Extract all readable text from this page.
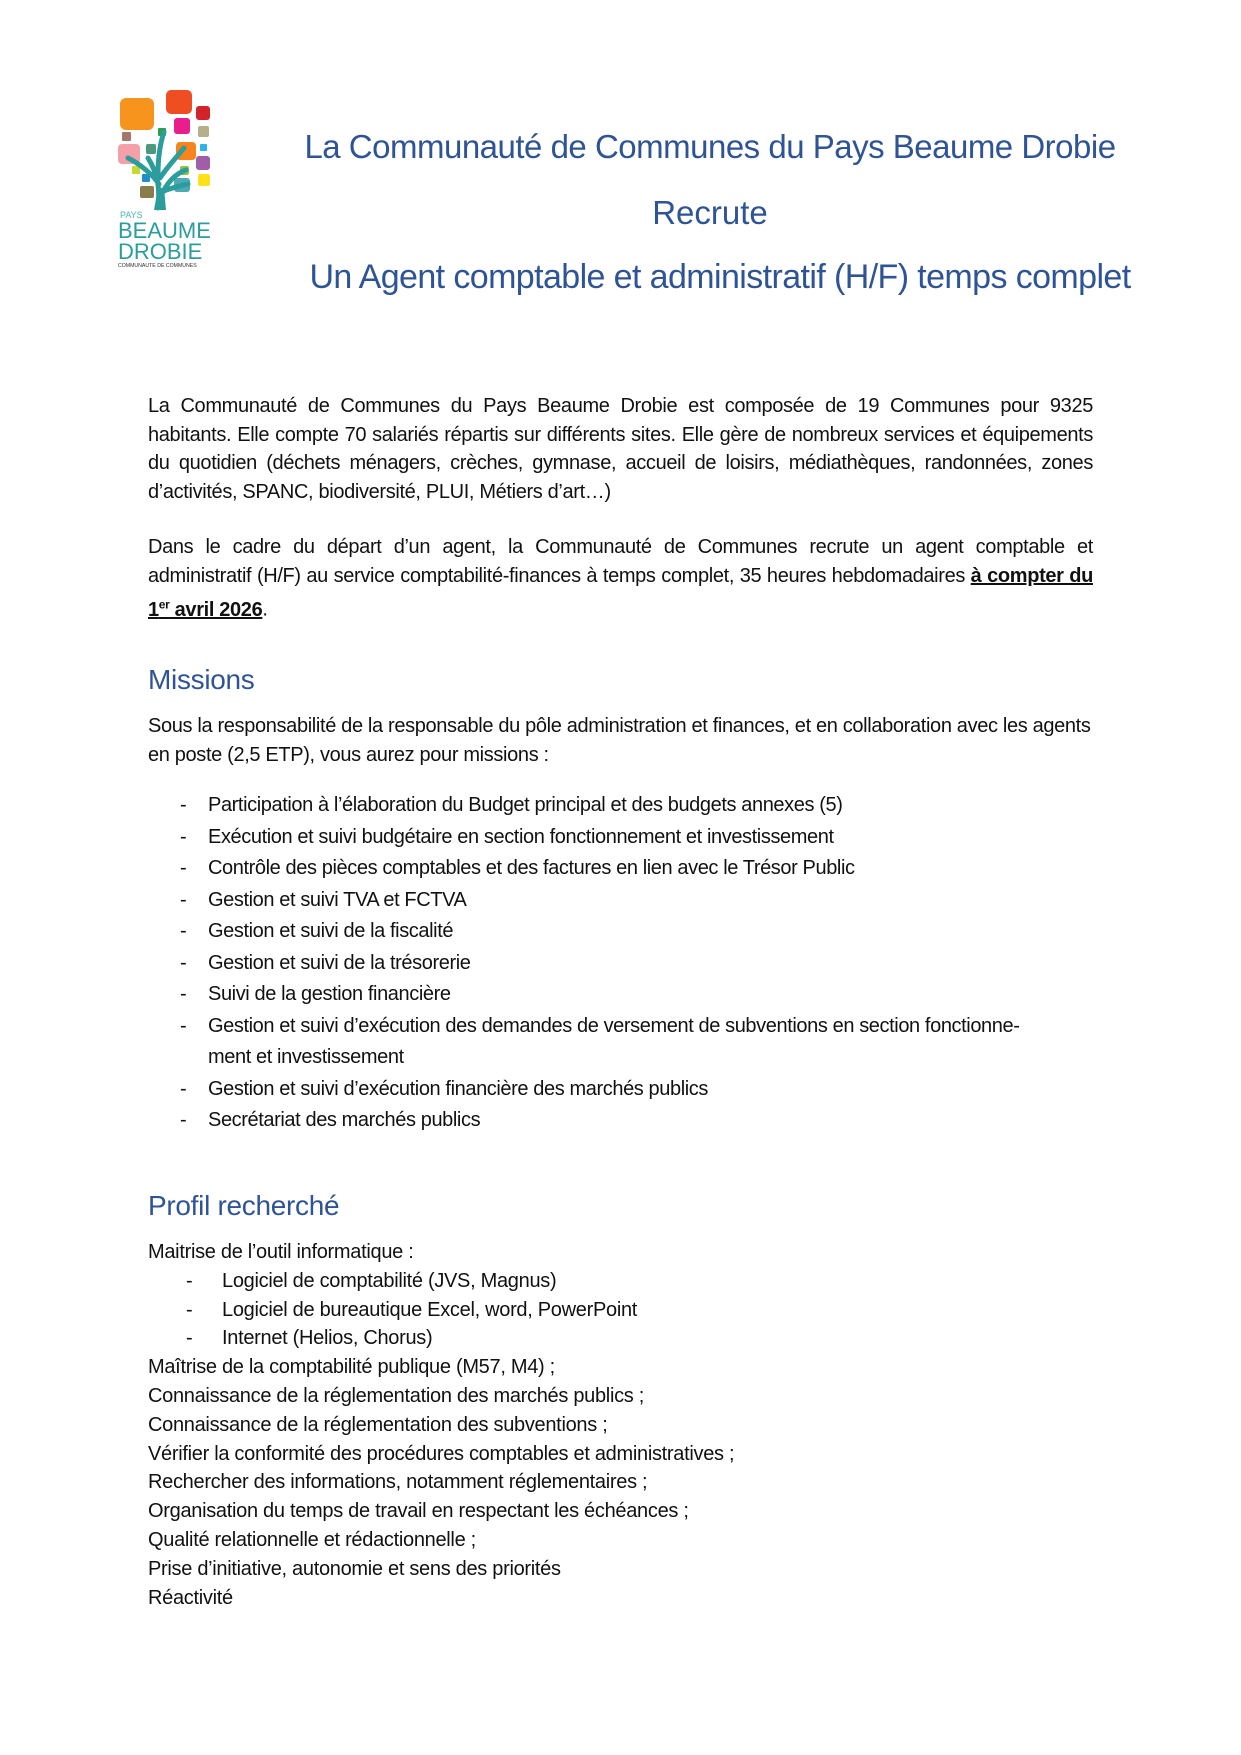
PAYS
BEAUME
DROBIE
COMMUNAUTE DE COMMUNES
La Communauté de Communes du Pays Beaume Drobie
Recrute
Un Agent comptable et administratif (H/F) temps complet

La Communauté de Communes du Pays Beaume Drobie est composée de 19 Communes pour 9325 habitants. Elle compte 70 salariés répartis sur différents sites. Elle gère de nombreux services et équipements du quotidien (déchets ménagers, crèches, gymnase, accueil de loisirs, médiathèques, randonnées, zones d’activités, SPANC, biodiversité, PLUI, Métiers d’art…)

Dans le cadre du départ d’un agent, la Communauté de Communes recrute un agent comptable et administratif (H/F) au service comptabilité-finances à temps complet, 35 heures hebdomadaires à compter du 1er avril 2026.

Missions

Sous la responsabilité de la responsable du pôle administration et finances, et en collaboration avec les agents en poste (2,5 ETP), vous aurez pour missions :

- Participation à l’élaboration du Budget principal et des budgets annexes (5)
- Exécution et suivi budgétaire en section fonctionnement et investissement
- Contrôle des pièces comptables et des factures en lien avec le Trésor Public
- Gestion et suivi TVA et FCTVA
- Gestion et suivi de la fiscalité
- Gestion et suivi de la trésorerie
- Suivi de la gestion financière
- Gestion et suivi d’exécution des demandes de versement de subventions en section fonctionne-
ment et investissement
- Gestion et suivi d’exécution financière des marchés publics
- Secrétariat des marchés publics
Profil recherché
Maitrise de l’outil informatique :
- Logiciel de comptabilité (JVS, Magnus)
- Logiciel de bureautique Excel, word, PowerPoint
- Internet (Helios, Chorus)
Maîtrise de la comptabilité publique (M57, M4) ;
Connaissance de la réglementation des marchés publics ;
Connaissance de la réglementation des subventions ;
Vérifier la conformité des procédures comptables et administratives ;
Rechercher des informations, notamment réglementaires ;
Organisation du temps de travail en respectant les échéances ;
Qualité relationnelle et rédactionnelle ;
Prise d’initiative, autonomie et sens des priorités
Réactivité
